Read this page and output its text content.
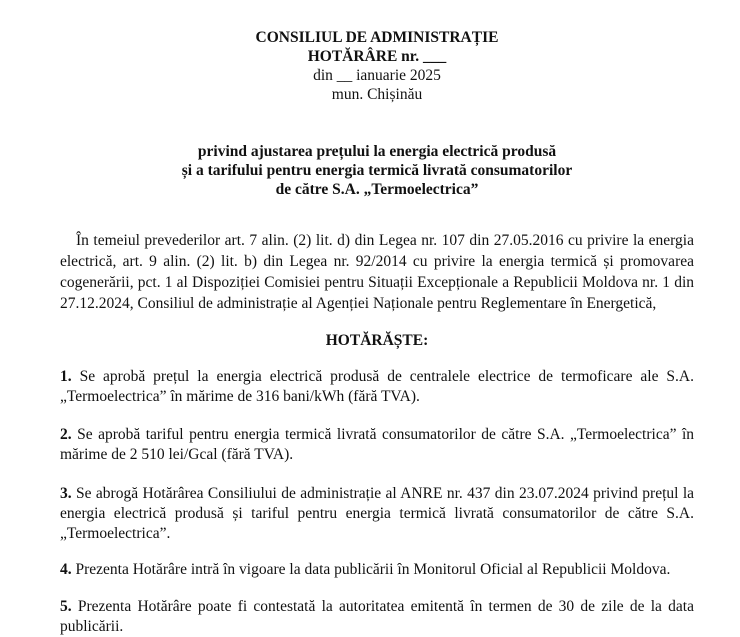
CONSILIUL DE ADMINISTRAȚIE
HOTĂRÂRE nr. ___
din __ ianuarie 2025
mun. Chișinău
privind ajustarea prețului la energia electrică produsă
și a tarifului pentru energia termică livrată consumatorilor
de către S.A. „Termoelectrica”

În temeiul prevederilor art. 7 alin. (2) lit. d) din Legea nr. 107 din 27.05.2016 cu privire la energia electrică, art. 9 alin. (2) lit. b) din Legea nr. 92/2014 cu privire la energia termică și promovarea cogenerării, pct. 1 al Dispoziției Comisiei pentru Situații Excepționale a Republicii Moldova nr. 1 din 27.12.2024, Consiliul de administrație al Agenției Naționale pentru Reglementare în Energetică,

HOTĂRĂȘTE:
1. Se aprobă prețul la energia electrică produsă de centralele electrice de termoficare ale S.A. „Termoelectrica” în mărime de 316 bani/kWh (fără TVA).
2. Se aprobă tariful pentru energia termică livrată consumatorilor de către S.A. „Termoelectrica” în mărime de 2 510 lei/Gcal (fără TVA).
3. Se abrogă Hotărârea Consiliului de administrație al ANRE nr. 437 din 23.07.2024 privind prețul la energia electrică produsă și tariful pentru energia termică livrată consumatorilor de către S.A. „Termoelectrica”.
4. Prezenta Hotărâre intră în vigoare la data publicării în Monitorul Oficial al Republicii Moldova.
5. Prezenta Hotărâre poate fi contestată la autoritatea emitentă în termen de 30 de zile de la data publicării.
